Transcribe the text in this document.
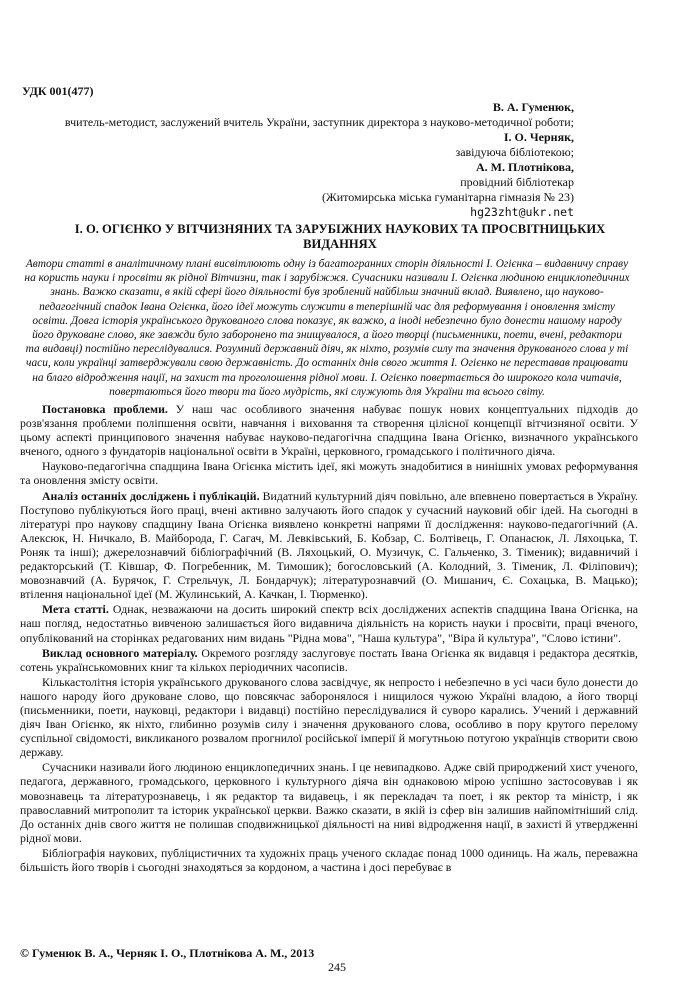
УДК 001(477)
В. А. Гуменюк,
вчитель-методист, заслужений вчитель України, заступник директора з науково-методичної роботи;
І. О. Черняк,
завідуюча бібліотекою;
А. М. Плотнікова,
провідний бібліотекар
(Житомирська міська гуманітарна гімназія № 23)
hg23zht@ukr.net
І. О. ОГІЄНКО У ВІТЧИЗНЯНИХ ТА ЗАРУБІЖНИХ НАУКОВИХ ТА ПРОСВІТНИЦЬКИХ ВИДАННЯХ
Автори статті в аналітичному плані висвітлюють одну із багатогранних сторін діяльності І. Огієнка – видавничу справу на користь науки і просвіти як рідної Вітчизни, так і зарубіжжя. Сучасники називали І. Огієнка людиною енциклопедичних знань. Важко сказати, в якій сфері його діяльності був зроблений найбільш значний вклад. Виявлено, що науково-педагогічний спадок Івана Огієнка, його ідеї можуть служити в теперішній час для реформування і оновлення змісту освіти. Довга історія українського друкованого слова показує, як важко, а іноді небезпечно було донести нашому народу його друковане слово, яке завжди було заборонено та знищувалося, а його творці (письменники, поети, вчені, редактори та видавці) постійно переслідувалися. Розумний державний діяч, як ніхто, розумів силу та значення друкованого слова у ті часи, коли українці затверджували свою державність. До останніх днів свого життя І. Огієнко не переставав працювати на благо відродження нації, на захист та проголошення рідної мови. І. Огієнко повертається до широкого кола читачів, повертаються його твори та його мудрість, які служують для України та всього світу.

Постановка проблеми. У наш час особливого значення набуває пошук нових концептуальних підходів до розв'язання проблеми поліпшення освіти, навчання і виховання та створення цілісної концепції вітчизняної освіти. У цьому аспекті принципового значення набуває науково-педагогічна спадщина Івана Огієнко, визначного українського вченого, одного з фундаторів національної освіти в Україні, церковного, громадського і політичного діяча.

Науково-педагогічна спадщина Івана Огієнка містить ідеї, які можуть знадобитися в нинішніх умовах реформування та оновлення змісту освіти.

Аналіз останніх досліджень і публікацій. Видатний культурний діяч повільно, але впевнено повертається в Україну. Поступово публікуються його праці, вчені активно залучають його спадок у сучасний науковий обіг ідей. На сьогодні в літературі про наукову спадщину Івана Огієнка виявлено конкретні напрями її дослідження: науково-педагогічний (А. Алексюк, Н. Ничкало, В. Майборода, Г. Сагач, М. Левківський, Б. Кобзар, С. Болтівець, Г. Опанасюк, Л. Ляхоцька, Т. Роняк та інші); джерелознавчий бібліографічний (В. Ляхоцький, О. Музичук, С. Гальченко, З. Тіменик); видавничий і редакторський (Т. Ківшар, Ф. Погребенник, М. Тимошик); богословський (А. Колодний, З. Тіменик, Л. Філіпович); мовознавчий (А. Бурячок, Г. Стрельчук, Л. Бондарчук); літературознавчий (О. Мишанич, Є. Сохацька, В. Мацько); втілення національної ідеї (М. Жулинський, А. Качкан, І. Тюрменко).

Мета статті. Однак, незважаючи на досить широкий спектр всіх досліджених аспектів спадщина Івана Огієнка, на наш погляд, недостатньо вивченою залишається його видавнича діяльність на користь науки і просвіти, праці вченого, опублікований на сторінках редагованих ним видань "Рідна мова", "Наша культура", "Віра й культура", "Слово істини".

Виклад основного матеріалу. Окремого розгляду заслуговує постать Івана Огієнка як видавця і редактора десятків, сотень українськомовних книг та кількох періодичних часописів.

Кількастолітня історія українського друкованого слова засвідчує, як непросто і небезпечно в усі часи було донести до нашого народу його друковане слово, що повсякчас заборонялося і нищилося чужою Україні владою, а його творці (письменники, поети, науковці, редактори і видавці) постійно переслідувалися й суворо карались. Учений і державний діяч Іван Огієнко, як ніхто, глибинно розумів силу і значення друкованого слова, особливо в пору крутого перелому суспільної свідомості, викликаного розвалом прогнилої російської імперії й могутньою потугою українців створити свою державу.

Сучасники називали його людиною енциклопедичних знань. І це невипадково. Адже свій природжений хист ученого, педагога, державного, громадського, церковного і культурного діяча він однаковою мірою успішно застосовував і як мовознавець та літературознавець, і як редактор та видавець, і як перекладач та поет, і як ректор та міністр, і як православний митрополит та історик української церкви. Важко сказати, в якій із сфер він залишив найпомітніший слід. До останніх днів свого життя не полишав сподвижницької діяльності на ниві відродження нації, в захисті й утвердженні рідної мови.

Бібліографія наукових, публіцистичних та художніх праць ученого складає понад 1000 одиниць. На жаль, переважна більшість його творів і сьогодні знаходяться за кордоном, а частина і досі перебуває в

© Гуменюк В. А., Черняк І. О., Плотнікова А. М., 2013
245
